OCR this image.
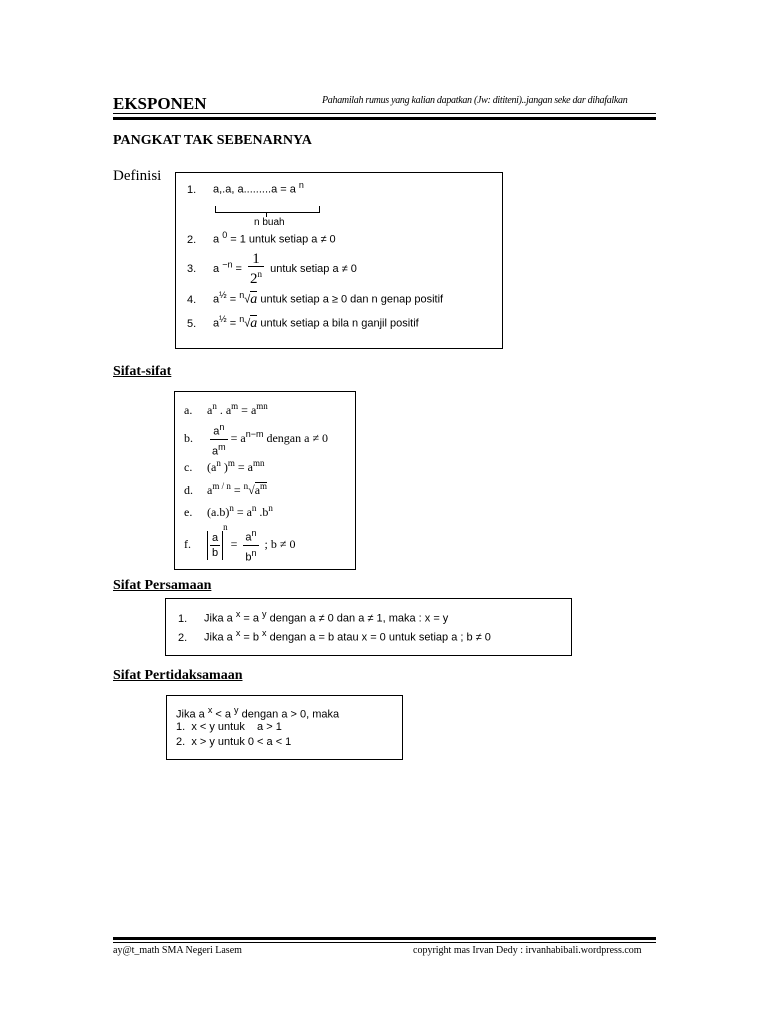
EKSPONEN	Pahamilah rumus yang kalian dapatkan (Jw: dititeni)..jangan seke dar dihafalkan
PANGKAT TAK SEBENARNYA
Definisi
1. a,.a, a.........a = a $^n$
n buah
2. a $^0$ = 1 untuk setiap a ≠ 0
3. a $^{-n} = \frac{1}{2^n}$ untuk setiap a ≠ 0
4. $a^{\frac{1}{2}} = ^n√a$ untuk setiap a ≥ 0 dan n genap positif
5. $a^{\frac{1}{2}} = ^n√a$ untuk setiap a bila n ganjil positif
Sifat-sifat
a. $a^n$ . $a^m = a^{mn}$
b. $\frac{a^n}{a^m} = a^{n-m}$ dengan a ≠ 0
c. ($a^n$ )$^m = a^{mn}$
d. $a^{m / n} = ^n√a^m$
e. $(a.b)^n = a^n$ $.b^n$
f. $\frac{a}{b}$
$^n = \frac{a^n}{b^n}$ ; b ≠ 0
Sifat Persamaan
1. Jika a $^x$ = a $^y$ dengan a ≠ 0 dan a ≠ 1, maka : x = y
2. Jika a $^x$ = b $^x$ dengan a = b atau x = 0 untuk setiap a ; b ≠ 0
Sifat Pertidaksamaan
Jika a $^x$ < a $^y$ dengan a > 0, maka
1. x < y untuk    a > 1
2. x > y untuk 0 < a < 1
ay@t_math SMA Negeri Lasem	copyright mas Irvan Dedy : irvanhabibali.wordpress.com
